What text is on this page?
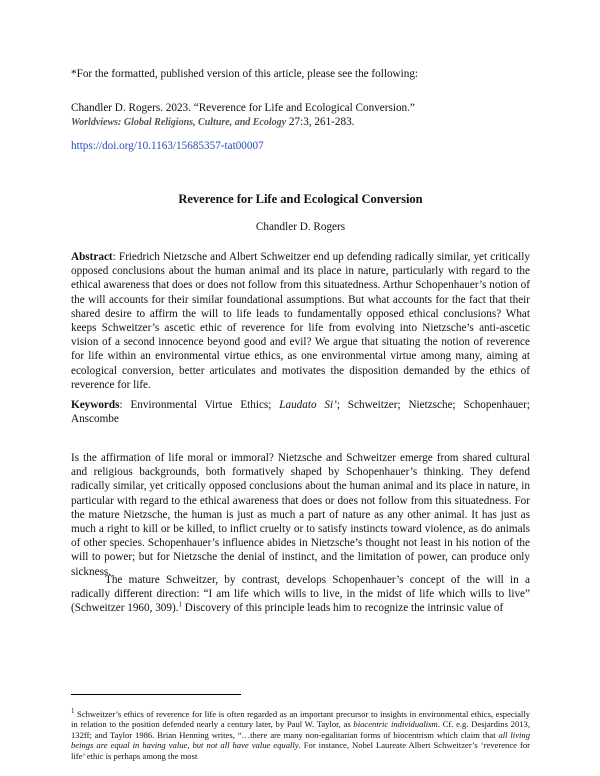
*For the formatted, published version of this article, please see the following:

Chandler D. Rogers. 2023. “Reverence for Life and Ecological Conversion.”
Worldviews: Global Religions, Culture, and Ecology 27:3, 261-283.

https://doi.org/10.1163/15685357-tat00007

Reverence for Life and Ecological Conversion

Chandler D. Rogers

Abstract: Friedrich Nietzsche and Albert Schweitzer end up defending radically similar, yet critically opposed conclusions about the human animal and its place in nature, particularly with regard to the ethical awareness that does or does not follow from this situatedness. Arthur Schopenhauer’s notion of the will accounts for their similar foundational assumptions. But what accounts for the fact that their shared desire to affirm the will to life leads to fundamentally opposed ethical conclusions? What keeps Schweitzer’s ascetic ethic of reverence for life from evolving into Nietzsche’s anti-ascetic vision of a second innocence beyond good and evil? We argue that situating the notion of reverence for life within an environmental virtue ethics, as one environmental virtue among many, aiming at ecological conversion, better articulates and motivates the disposition demanded by the ethics of reverence for life.

Keywords: Environmental Virtue Ethics; Laudato Si’; Schweitzer; Nietzsche; Schopenhauer; Anscombe

Is the affirmation of life moral or immoral? Nietzsche and Schweitzer emerge from shared cultural and religious backgrounds, both formatively shaped by Schopenhauer’s thinking. They defend radically similar, yet critically opposed conclusions about the human animal and its place in nature, in particular with regard to the ethical awareness that does or does not follow from this situatedness. For the mature Nietzsche, the human is just as much a part of nature as any other animal. It has just as much a right to kill or be killed, to inflict cruelty or to satisfy instincts toward violence, as do animals of other species. Schopenhauer’s influence abides in Nietzsche’s thought not least in his notion of the will to power; but for Nietzsche the denial of instinct, and the limitation of power, can produce only sickness.

The mature Schweitzer, by contrast, develops Schopenhauer’s concept of the will in a radically different direction: “I am life which wills to live, in the midst of life which wills to live” (Schweitzer 1960, 309).$^1$ Discovery of this principle leads him to recognize the intrinsic value of

$^1$ Schweitzer’s ethics of reverence for life is often regarded as an important precursor to insights in environmental ethics, especially in relation to the position defended nearly a century later, by Paul W. Taylor, as biocentric individualism. Cf. e.g. Desjardins 2013, 132ff; and Taylor 1986. Brian Henning writes, “…there are many non-egalitarian forms of biocentrism which claim that all living beings are equal in having value, but not all have value equally. For instance, Nobel Laureate Albert Schweitzer’s ‘reverence for life’ ethic is perhaps among the most
